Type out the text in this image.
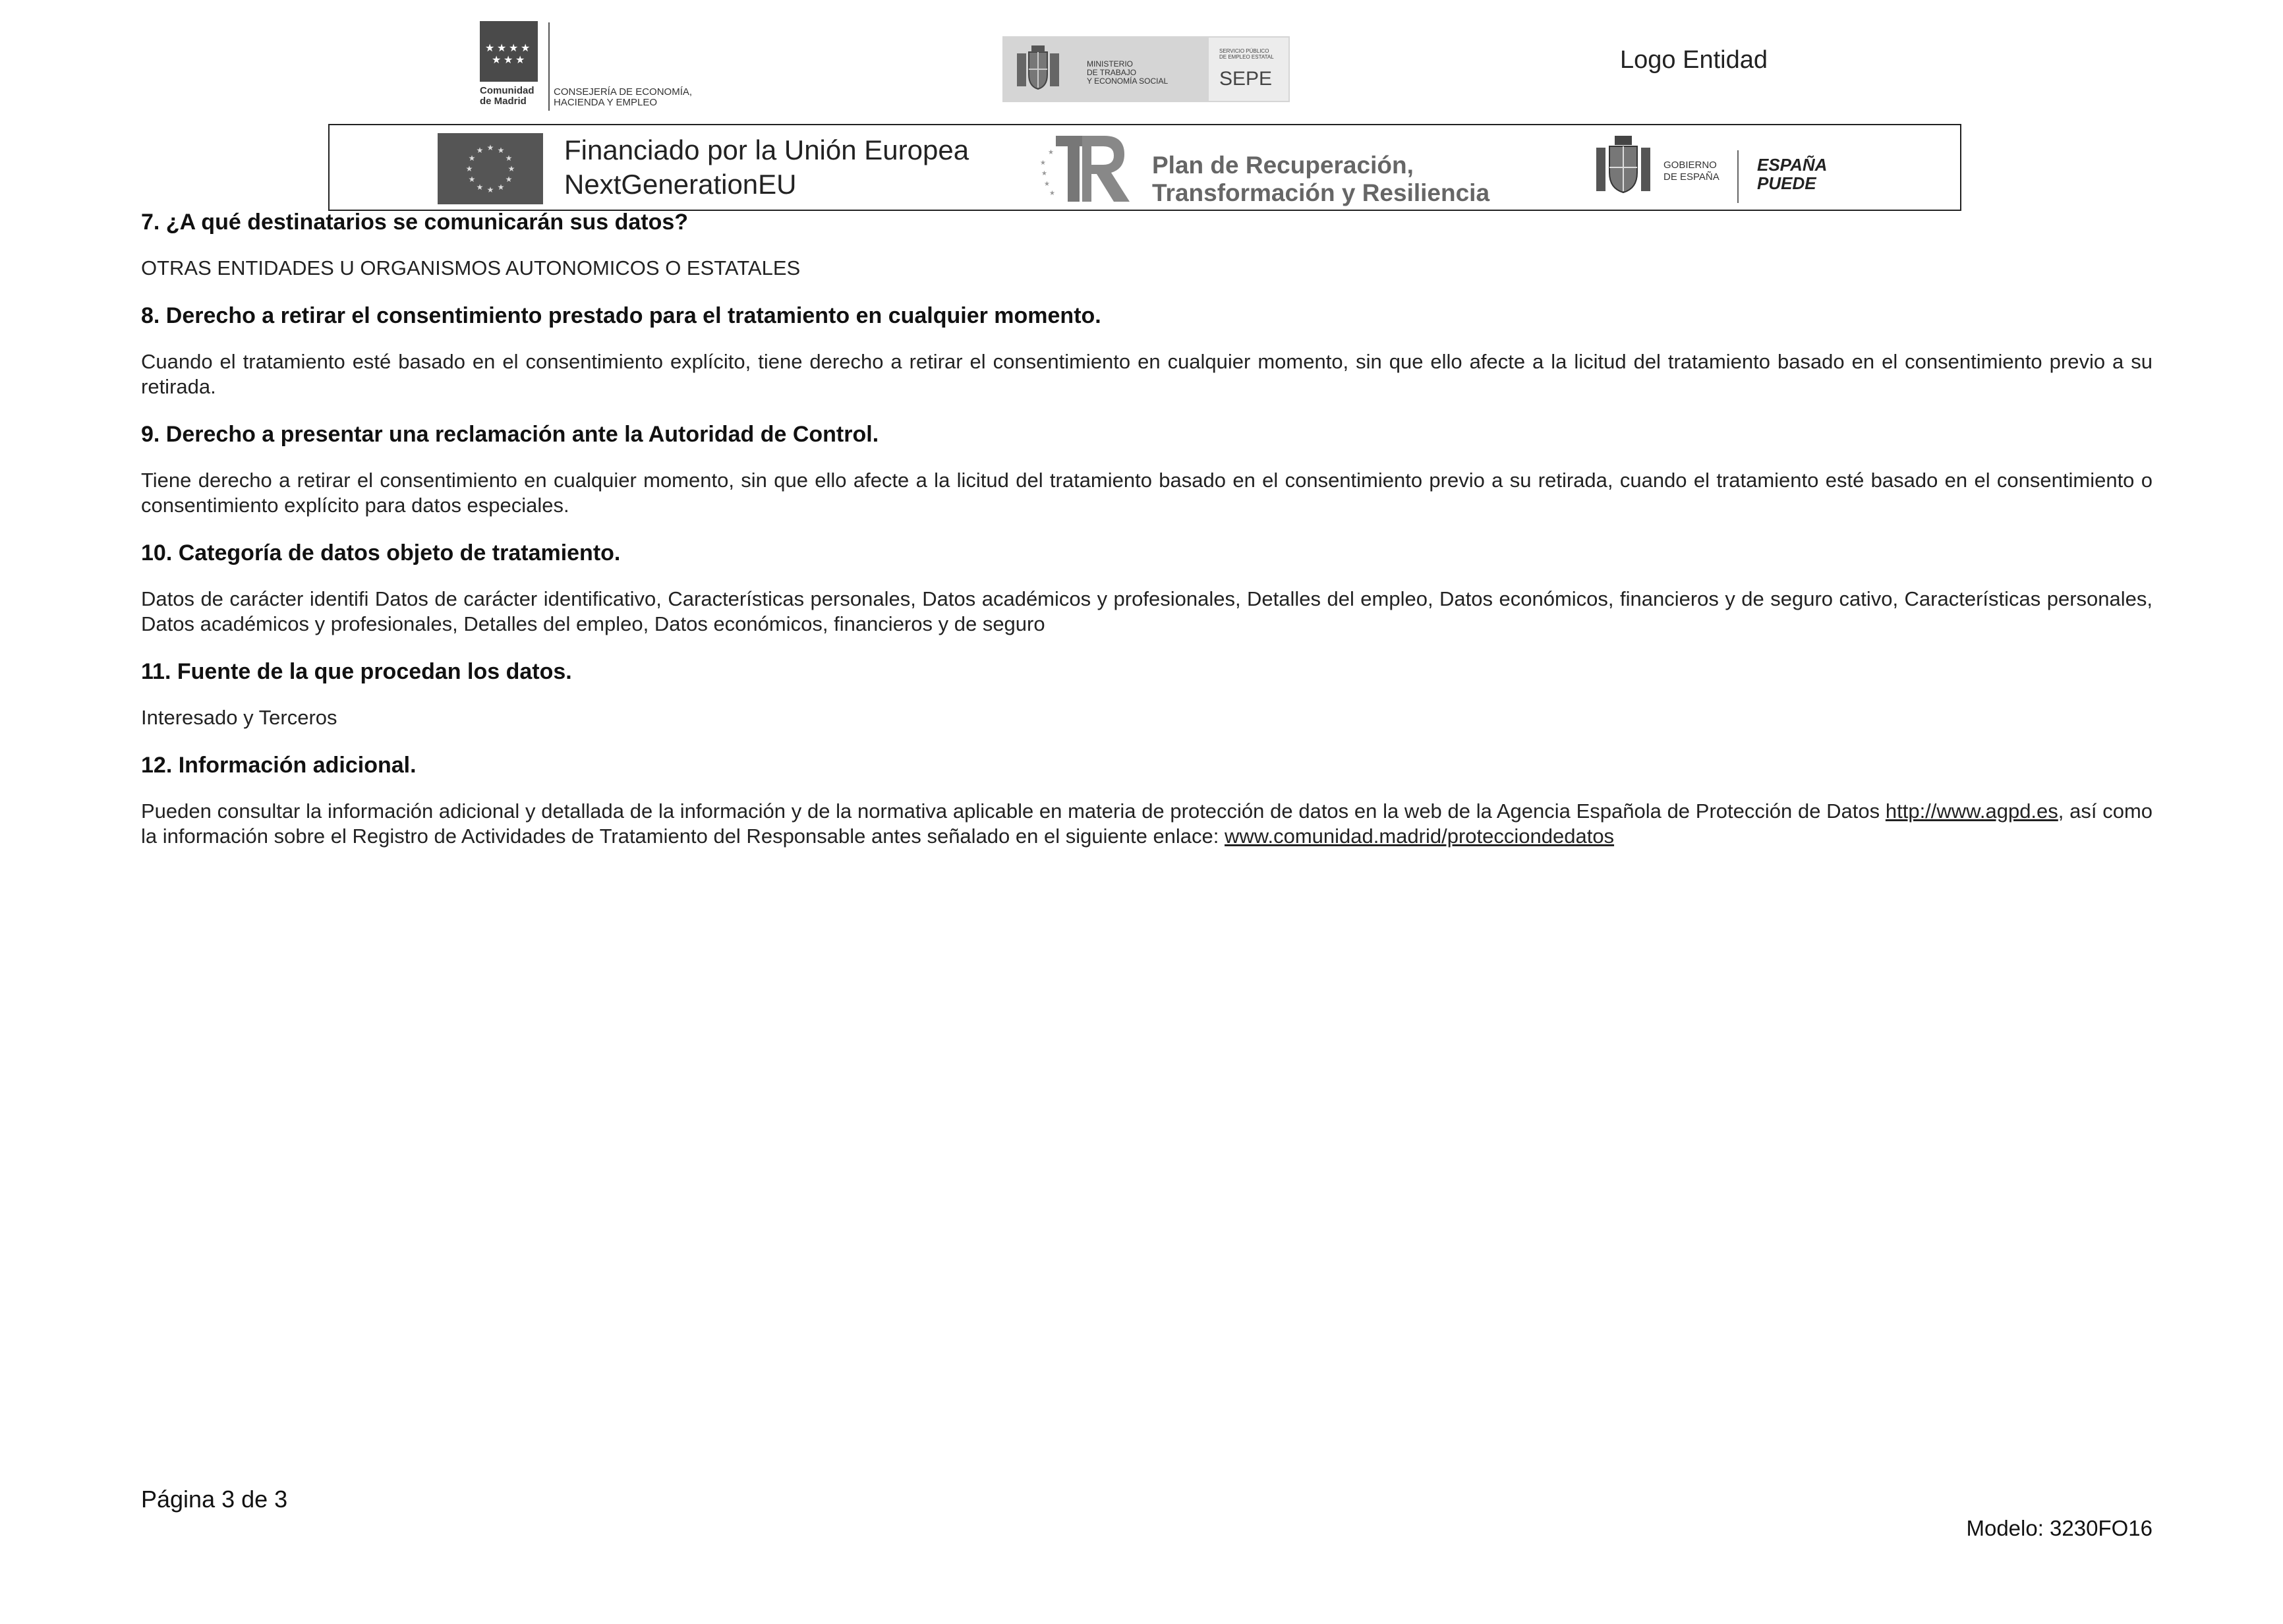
★ ★ ★ ★
★ ★ ★
Comunidad
de Madrid
CONSEJERÍA DE ECONOMÍA,
HACIENDA Y EMPLEO
MINISTERIO
DE TRABAJO
Y ECONOMÍA SOCIAL
SERVICIO PÚBLICO
DE EMPLEO ESTATAL
SEPE
Logo Entidad
★ ★
★
★
★
★
★
★
★
★
★
★	Financiado por la Unión Europea
NextGenerationEU
★
★
★
★
★
Plan de Recuperación,
Transformación y Resiliencia
GOBIERNO
DE ESPAÑA
ESPAÑA
PUEDE
7. ¿A qué destinatarios se comunicarán sus datos?
OTRAS ENTIDADES U ORGANISMOS AUTONOMICOS O ESTATALES
8. Derecho a retirar el consentimiento prestado para el tratamiento en cualquier momento.
Cuando el tratamiento esté basado en el consentimiento explícito, tiene derecho a retirar el consentimiento en cualquier momento, sin que ello afecte a la licitud del tratamiento basado en el consentimiento previo a su retirada.
9. Derecho a presentar una reclamación ante la Autoridad de Control.
Tiene derecho a retirar el consentimiento en cualquier momento, sin que ello afecte a la licitud del tratamiento basado en el consentimiento previo a su retirada, cuando el tratamiento esté basado en el consentimiento o consentimiento explícito para datos especiales.
10. Categoría de datos objeto de tratamiento.
Datos de carácter identifi Datos de carácter identificativo, Características personales, Datos académicos y profesionales, Detalles del empleo, Datos económicos, financieros y de seguro cativo, Características personales, Datos académicos y profesionales, Detalles del empleo, Datos económicos, financieros y de seguro
11. Fuente de la que procedan los datos.
Interesado y Terceros
12. Información adicional.
Pueden consultar la información adicional y detallada de la información y de la normativa aplicable en materia de protección de datos en la web de la Agencia Española de Protección de Datos http://www.agpd.es, así como la información sobre el Registro de Actividades de Tratamiento del Responsable antes señalado en el siguiente enlace: www.comunidad.madrid/protecciondedatos
Página 3 de 3
Modelo: 3230FO16
